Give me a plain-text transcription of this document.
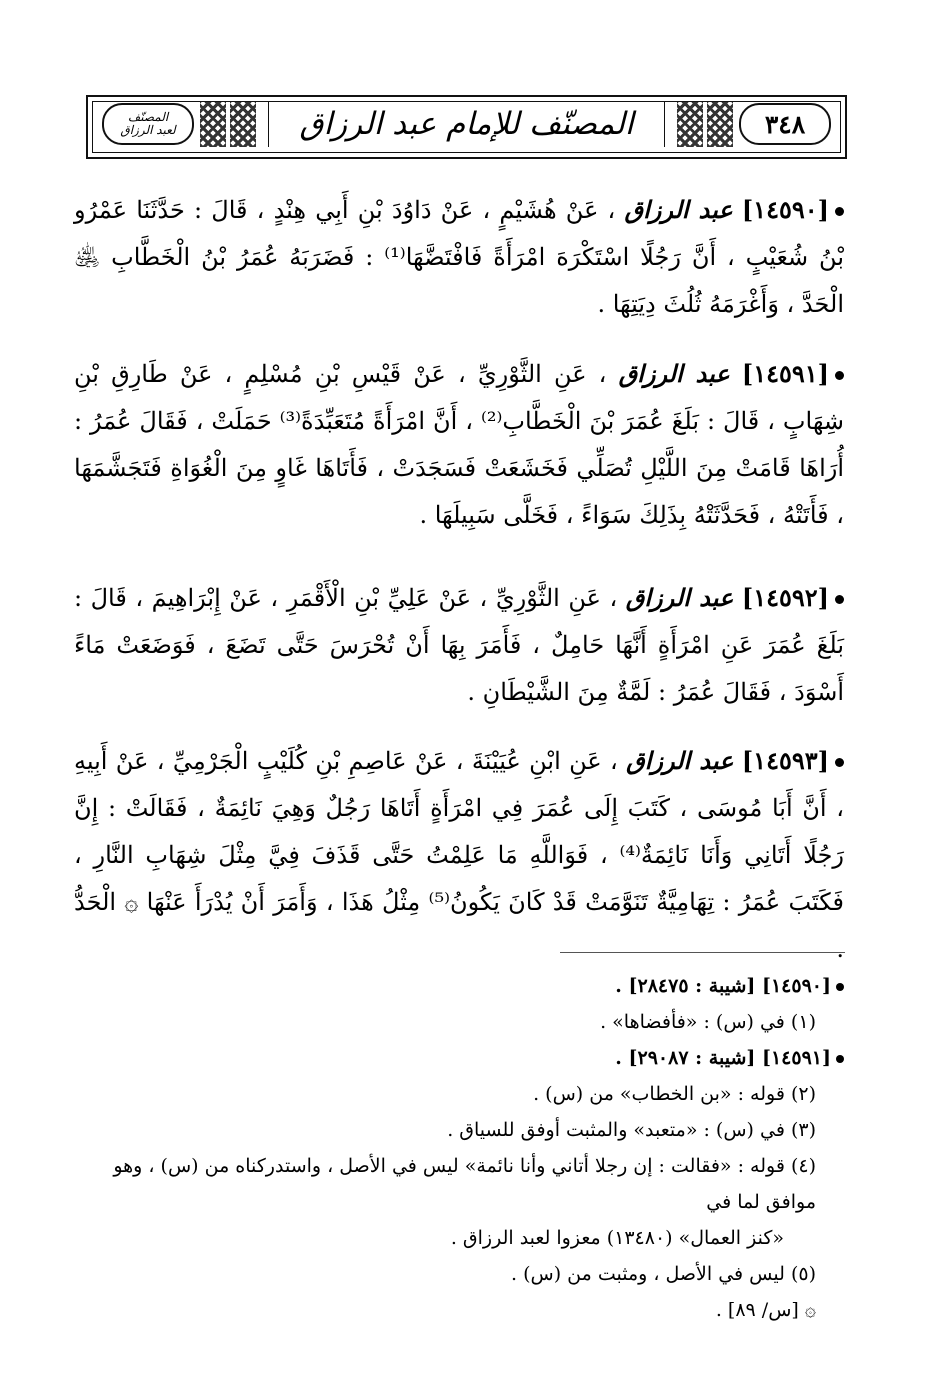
٣٤٨
المصنّف للإمام عبد الرزاق
المصنّف
لعبد الرزاق
[١٤٥٩٠] عبد الرزاق ، عَنْ هُشَيْمٍ ، عَنْ دَاوُدَ بْنِ أَبِي هِنْدٍ ، قَالَ : حَدَّثَنَا عَمْرُو بْنُ شُعَيْبٍ ، أَنَّ رَجُلًا اسْتَكْرَهَ امْرَأَةً فَافْتَضَّهَا⁽¹⁾ : فَضَرَبَهُ عُمَرُ بْنُ الْخَطَّابِ ﵁ الْحَدَّ ، وَأَغْرَمَهُ ثُلُثَ دِيَتِهَا .
[١٤٥٩١] عبد الرزاق ، عَنِ الثَّوْرِيِّ ، عَنْ قَيْسِ بْنِ مُسْلِمٍ ، عَنْ طَارِقِ بْنِ شِهَابٍ ، قَالَ : بَلَغَ عُمَرَ بْنَ الْخَطَّابِ⁽²⁾ ، أَنَّ امْرَأَةً مُتَعَبِّدَةً⁽³⁾ حَمَلَتْ ، فَقَالَ عُمَرُ : أُرَاهَا قَامَتْ مِنَ اللَّيْلِ تُصَلِّي فَخَشَعَتْ فَسَجَدَتْ ، فَأَتَاهَا غَاوٍ مِنَ الْغُوَاةِ فَتَجَشَّمَهَا ، فَأَتَتْهُ ، فَحَدَّثَتْهُ بِذَلِكَ سَوَاءً ، فَخَلَّى سَبِيلَهَا .
[١٤٥٩٢] عبد الرزاق ، عَنِ الثَّوْرِيِّ ، عَنْ عَلِيِّ بْنِ الْأَقْمَرِ ، عَنْ إِبْرَاهِيمَ ، قَالَ : بَلَغَ عُمَرَ عَنِ امْرَأَةٍ أَنَّهَا حَامِلٌ ، فَأَمَرَ بِهَا أَنْ تُحْرَسَ حَتَّى تَضَعَ ، فَوَضَعَتْ مَاءً أَسْوَدَ ، فَقَالَ عُمَرُ : لَمَّةٌ مِنَ الشَّيْطَانِ .
[١٤٥٩٣] عبد الرزاق ، عَنِ ابْنِ عُيَيْنَةَ ، عَنْ عَاصِمِ بْنِ كُلَيْبٍ الْجَرْمِيِّ ، عَنْ أَبِيهِ ، أَنَّ أَبَا مُوسَى ، كَتَبَ إِلَى عُمَرَ فِي امْرَأَةٍ أَتَاهَا رَجُلٌ وَهِيَ نَائِمَةٌ ، فَقَالَتْ : إِنَّ رَجُلًا أَتَانِي وَأَنَا نَائِمَةٌ⁽⁴⁾ ، فَوَاللَّهِ مَا عَلِمْتُ حَتَّى قَذَفَ فِيَّ مِثْلَ شِهَابِ النَّارِ ، فَكَتَبَ عُمَرُ : تِهَامِيَّةٌ تَنَوَّمَتْ قَدْ كَانَ يَكُونُ⁽⁵⁾ مِثْلُ هَذَا ، وَأَمَرَ أَنْ يُدْرَأَ عَنْهَا ۞ الْحَدُّ .
[١٤٥٩٠] [شيبة : ٢٨٤٧٥] .
(١) في (س) : «فأفضاها» .
[١٤٥٩١] [شيبة : ٢٩٠٨٧] .
(٢) قوله : «بن الخطاب» من (س) .
(٣) في (س) : «متعبد» والمثبت أوفق للسياق .
(٤) قوله : «فقالت : إن رجلا أتاني وأنا نائمة» ليس في الأصل ، واستدركناه من (س) ، وهو موافق لما في
«كنز العمال» (١٣٤٨٠) معزوا لعبد الرزاق .
(٥) ليس في الأصل ، ومثبت من (س) .
۞ [س/ ٨٩] .
